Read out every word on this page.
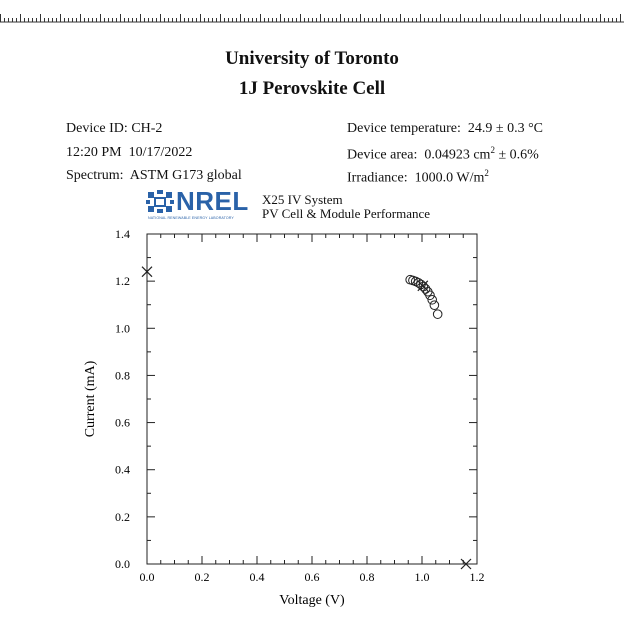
University of Toronto
1J Perovskite Cell
Device ID: CH-2
12:20 PM 10/17/2022
Spectrum: ASTM G173 global
Device temperature: 24.9 ± 0.3 °C
Device area: 0.04923 $cm^2 \pm 0.6\%$
Irradiance: 1000.0 $W/m^2$
NREL
NATIONAL RENEWABLE ENERGY LABORATORY
X25 IV System
PV Cell & Module Performance
0.0	0.2	0.4	0.6	0.8	1.0	1.2
0.0
0.2
0.4
0.6
0.8
1.0
1.2
1.4
Voltage (V)
Current (mA)
